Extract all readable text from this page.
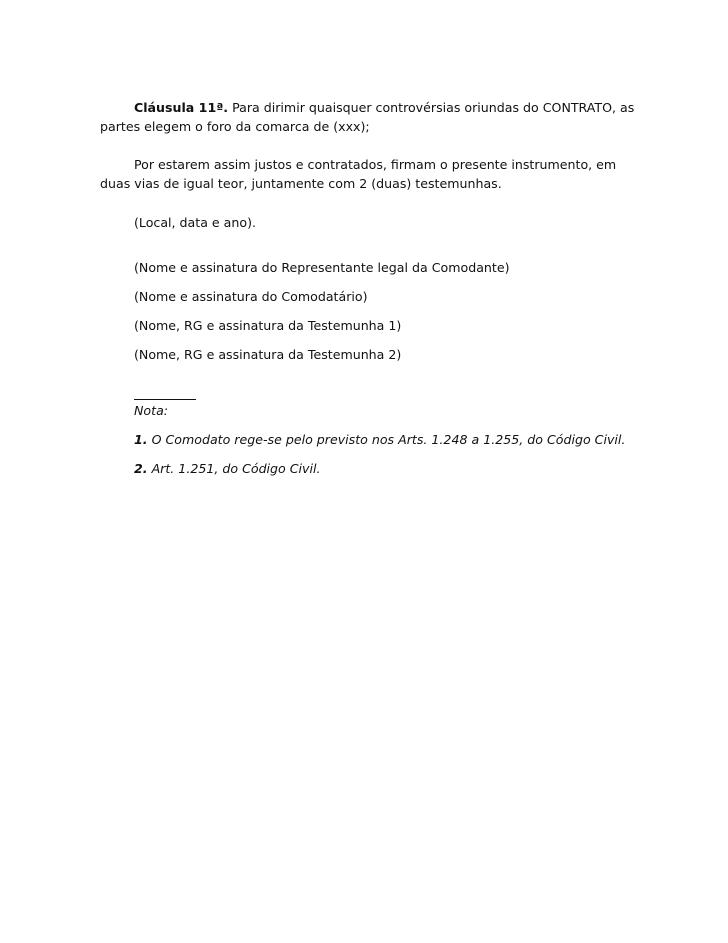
Cláusula 11ª. Para dirimir quaisquer controvérsias oriundas do CONTRATO, as partes elegem o foro da comarca de (xxx);

Por estarem assim justos e contratados, firmam o presente instrumento, em duas vias de igual teor, juntamente com 2 (duas) testemunhas.

(Local, data e ano).

(Nome e assinatura do Representante legal da Comodante)

(Nome e assinatura do Comodatário)

(Nome, RG e assinatura da Testemunha 1)

(Nome, RG e assinatura da Testemunha 2)

Nota:

1. O Comodato rege-se pelo previsto nos Arts. 1.248 a 1.255, do Código Civil.

2. Art. 1.251, do Código Civil.
